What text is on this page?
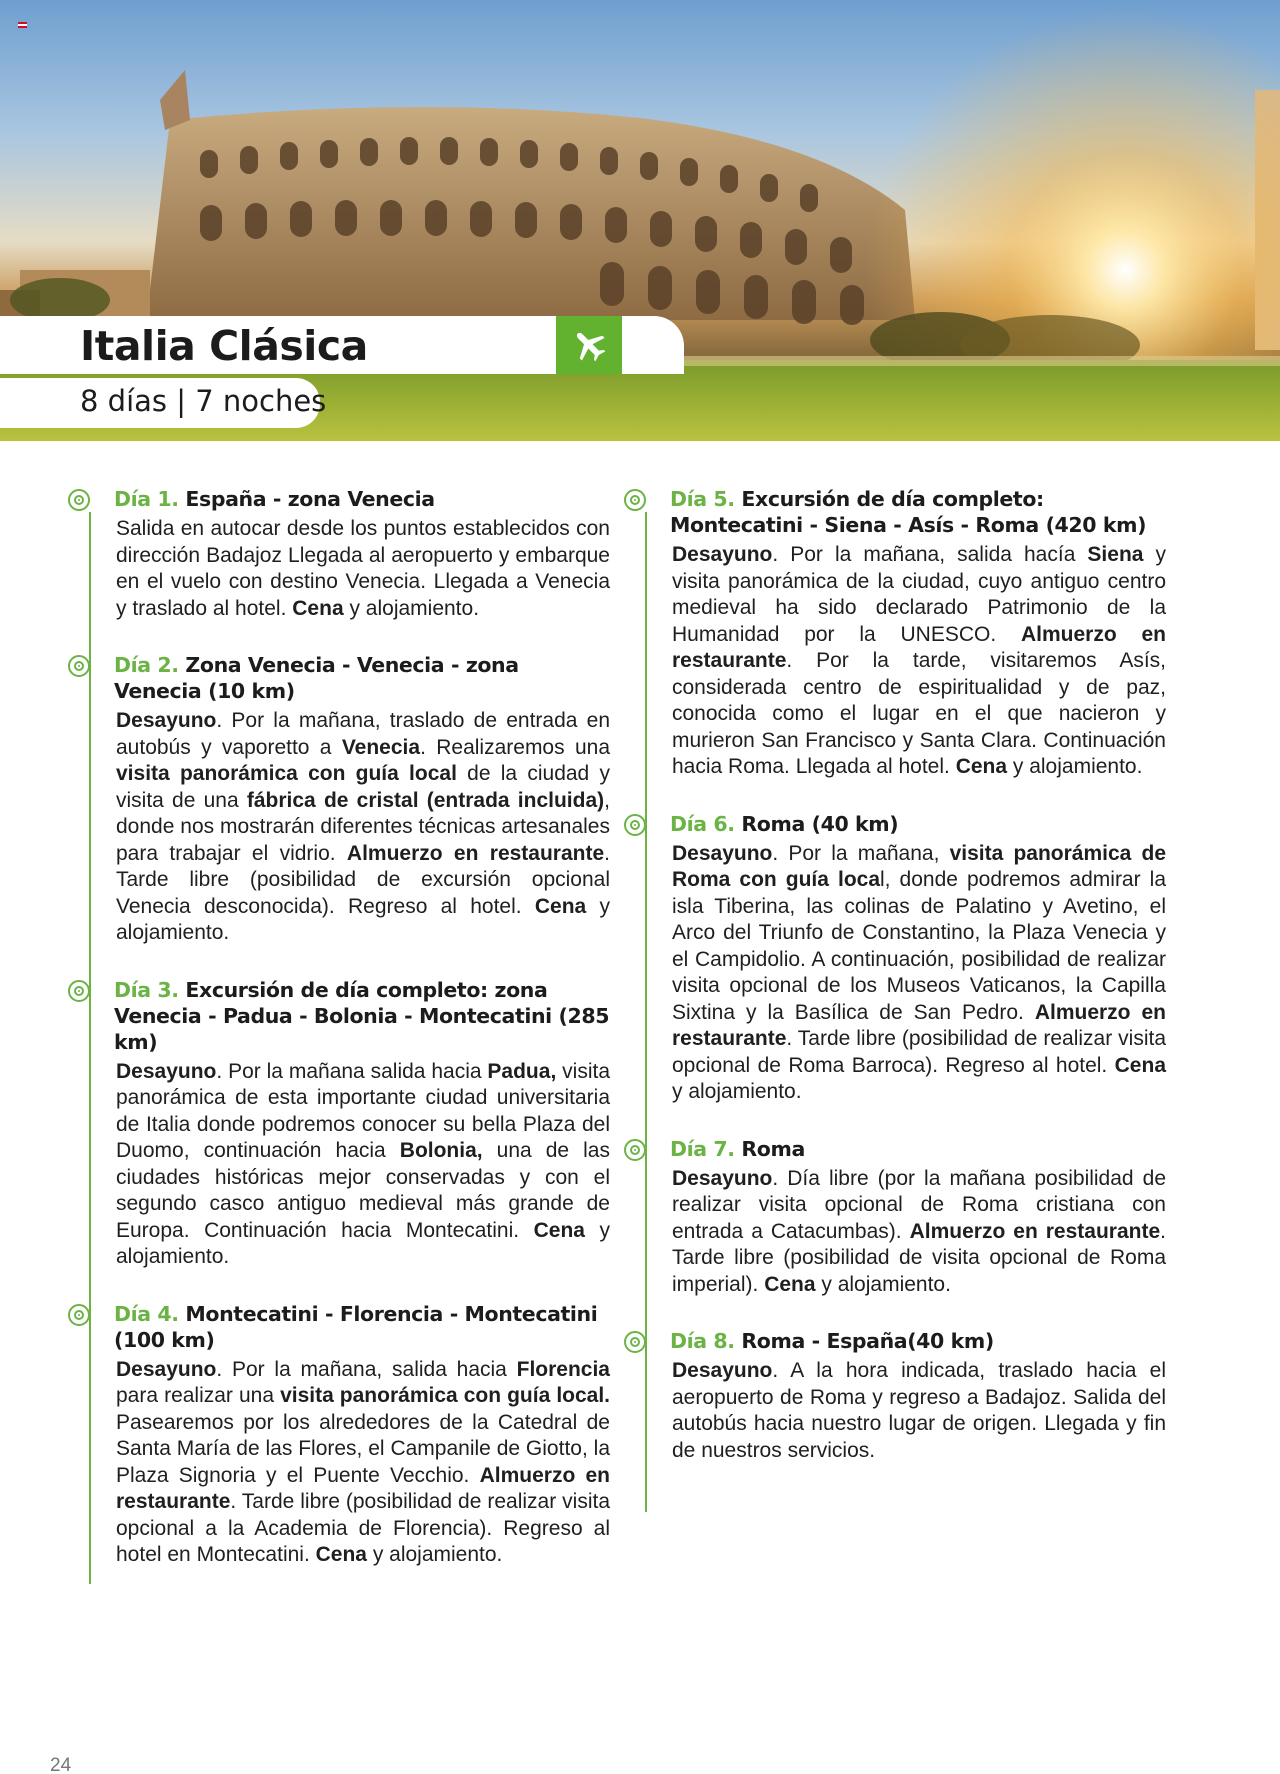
Italia Clásica
8 días | 7 noches
Día 1. España - zona Venecia
Salida en autocar desde los puntos establecidos con dirección Badajoz Llegada al aeropuerto y embarque en el vuelo con destino Venecia. Llegada a Venecia y traslado al hotel. Cena y alojamiento.
Día 2. Zona Venecia - Venecia - zona Venecia (10 km)
Desayuno. Por la mañana, traslado de entrada en autobús y vaporetto a Venecia. Realizaremos una visita panorámica con guía local de la ciudad y visita de una fábrica de cristal (entrada incluida), donde nos mostrarán diferentes técnicas artesanales para trabajar el vidrio. Almuerzo en restaurante. Tarde libre (posibilidad de excursión opcional Venecia desconocida). Regreso al hotel. Cena y alojamiento.
Día 3. Excursión de día completo: zona Venecia - Padua - Bolonia - Montecatini (285 km)
Desayuno. Por la mañana salida hacia Padua, visita panorámica de esta importante ciudad universitaria de Italia donde podremos conocer su bella Plaza del Duomo, continuación hacia Bolonia, una de las ciudades históricas mejor conservadas y con el segundo casco antiguo medieval más grande de Europa. Continuación hacia Montecatini. Cena y alojamiento.
Día 4. Montecatini - Florencia - Montecatini (100 km)
Desayuno. Por la mañana, salida hacia Florencia para realizar una visita panorámica con guía local. Pasearemos por los alrededores de la Catedral de Santa María de las Flores, el Campanile de Giotto, la Plaza Signoria y el Puente Vecchio. Almuerzo en restaurante. Tarde libre (posibilidad de realizar visita opcional a la Academia de Florencia). Regreso al hotel en Montecatini. Cena y alojamiento.
Día 5. Excursión de día completo: Montecatini - Siena - Asís - Roma (420 km)
Desayuno. Por la mañana, salida hacía Siena y visita panorámica de la ciudad, cuyo antiguo centro medieval ha sido declarado Patrimonio de la Humanidad por la UNESCO. Almuerzo en restaurante. Por la tarde, visitaremos Asís, considerada centro de espiritualidad y de paz, conocida como el lugar en el que nacieron y murieron San Francisco y Santa Clara. Continuación hacia Roma. Llegada al hotel. Cena y alojamiento.
Día 6. Roma (40 km)
Desayuno. Por la mañana, visita panorámica de Roma con guía local, donde podremos admirar la isla Tiberina, las colinas de Palatino y Avetino, el Arco del Triunfo de Constantino, la Plaza Venecia y el Campidolio. A continuación, posibilidad de realizar visita opcional de los Museos Vaticanos, la Capilla Sixtina y la Basílica de San Pedro. Almuerzo en restaurante. Tarde libre (posibilidad de realizar visita opcional de Roma Barroca). Regreso al hotel. Cena y alojamiento.
Día 7. Roma
Desayuno. Día libre (por la mañana posibilidad de realizar visita opcional de Roma cristiana con entrada a Catacumbas). Almuerzo en restaurante. Tarde libre (posibilidad de visita opcional de Roma imperial). Cena y alojamiento.
Día 8. Roma - España(40 km)
Desayuno. A la hora indicada, traslado hacia el aeropuerto de Roma y regreso a Badajoz. Salida del autobús hacia nuestro lugar de origen. Llegada y fin de nuestros servicios.
24
